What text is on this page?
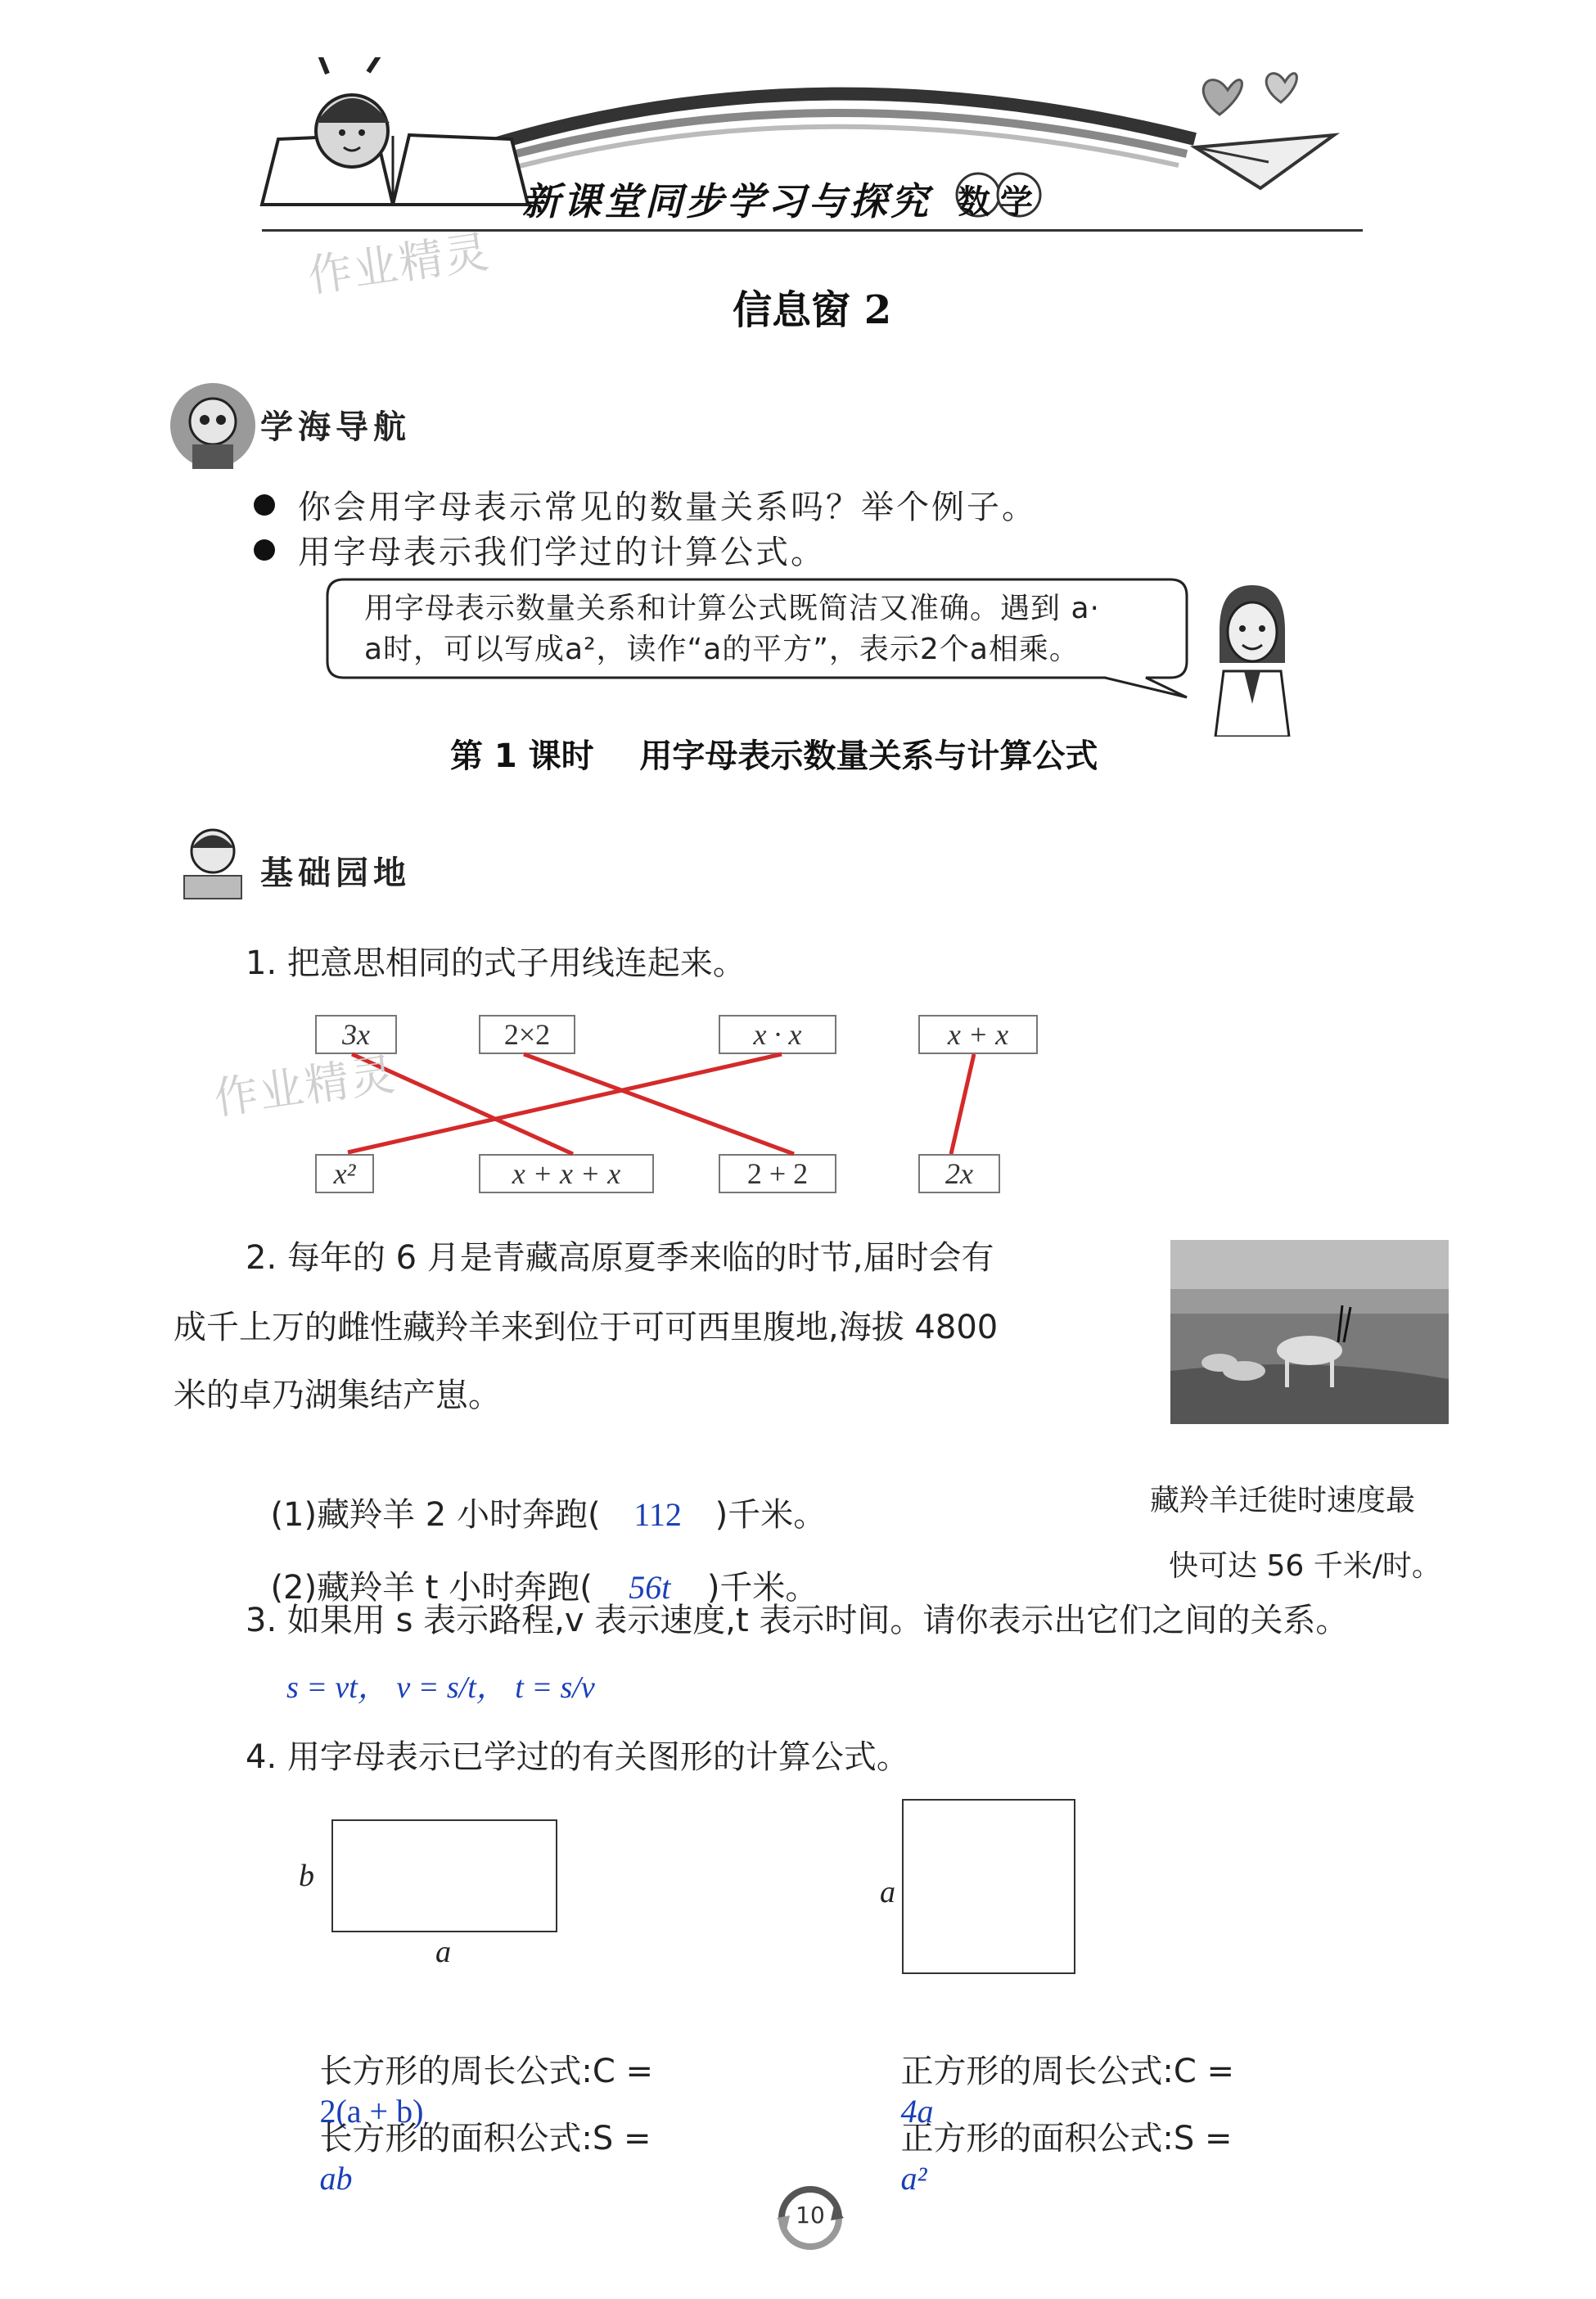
新课堂同步学习与探究 数学
作业精灵
信息窗 2
学海导航
你会用字母表示常见的数量关系吗？举个例子。
用字母表示我们学过的计算公式。
用字母表示数量关系和计算公式既简洁又准确。遇到 a·
a时，可以写成a²，读作“a的平方”，表示2个a相乘。
第 1 课时    用字母表示数量关系与计算公式
基础园地
1. 把意思相同的式子用线连起来。
3x	2×2	x · x	x + x
x²	x + x + x	2 + 2	2x
作业精灵
2. 每年的 6 月是青藏高原夏季来临的时节,届时会有
成千上万的雌性藏羚羊来到位于可可西里腹地,海拔 4800
米的卓乃湖集结产崽。

(1)藏羚羊 2 小时奔跑( 112 )千米。

(2)藏羚羊 t 小时奔跑( 56t )千米。

藏羚羊迁徙时速度最
快可达 56 千米/时。
3. 如果用 s 表示路程,v 表示速度,t 表示时间。请你表示出它们之间的关系。
s = vt， v = s/t， t = s/v
4. 用字母表示已学过的有关图形的计算公式。
b
a
a

长方形的周长公式:C =
2(a + b)

长方形的面积公式:S =
ab

正方形的周长公式:C =
4a

正方形的面积公式:S =
a²

10
